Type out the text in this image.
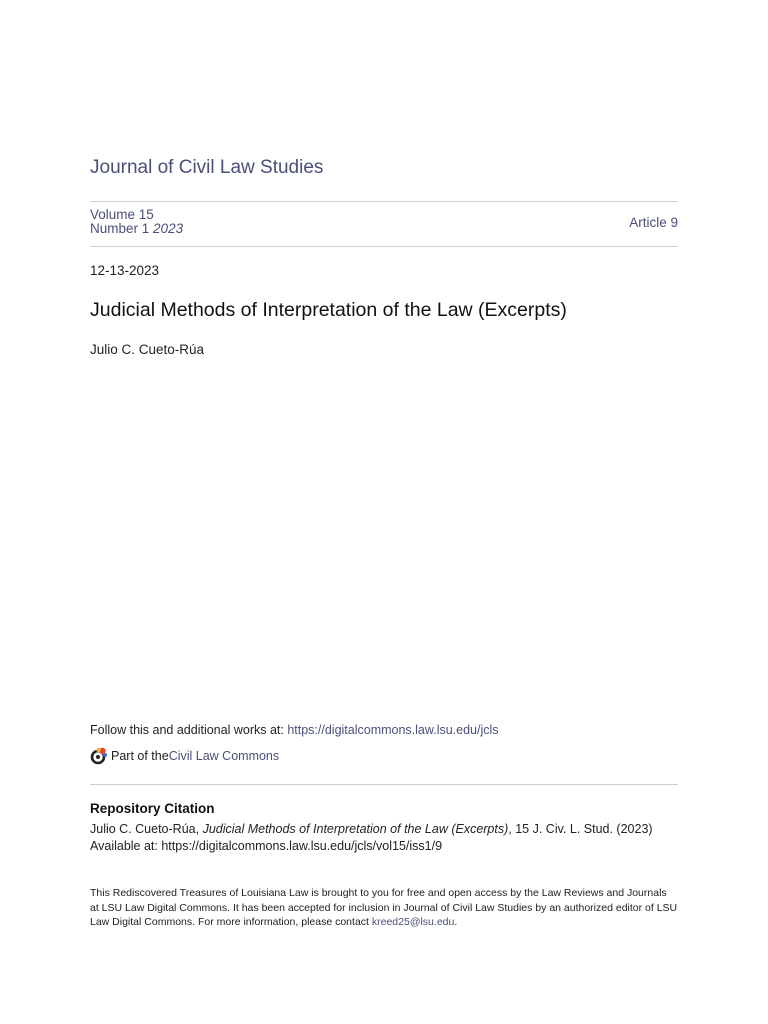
Journal of Civil Law Studies
Volume 15
Number 1 2023	Article 9
12-13-2023
Judicial Methods of Interpretation of the Law (Excerpts)
Julio C. Cueto-Rúa
Follow this and additional works at: https://digitalcommons.law.lsu.edu/jcls
Part of the Civil Law Commons
Repository Citation
Julio C. Cueto-Rúa, Judicial Methods of Interpretation of the Law (Excerpts), 15 J. Civ. L. Stud. (2023)
Available at: https://digitalcommons.law.lsu.edu/jcls/vol15/iss1/9
This Rediscovered Treasures of Louisiana Law is brought to you for free and open access by the Law Reviews and Journals at LSU Law Digital Commons. It has been accepted for inclusion in Journal of Civil Law Studies by an authorized editor of LSU Law Digital Commons. For more information, please contact kreed25@lsu.edu.
